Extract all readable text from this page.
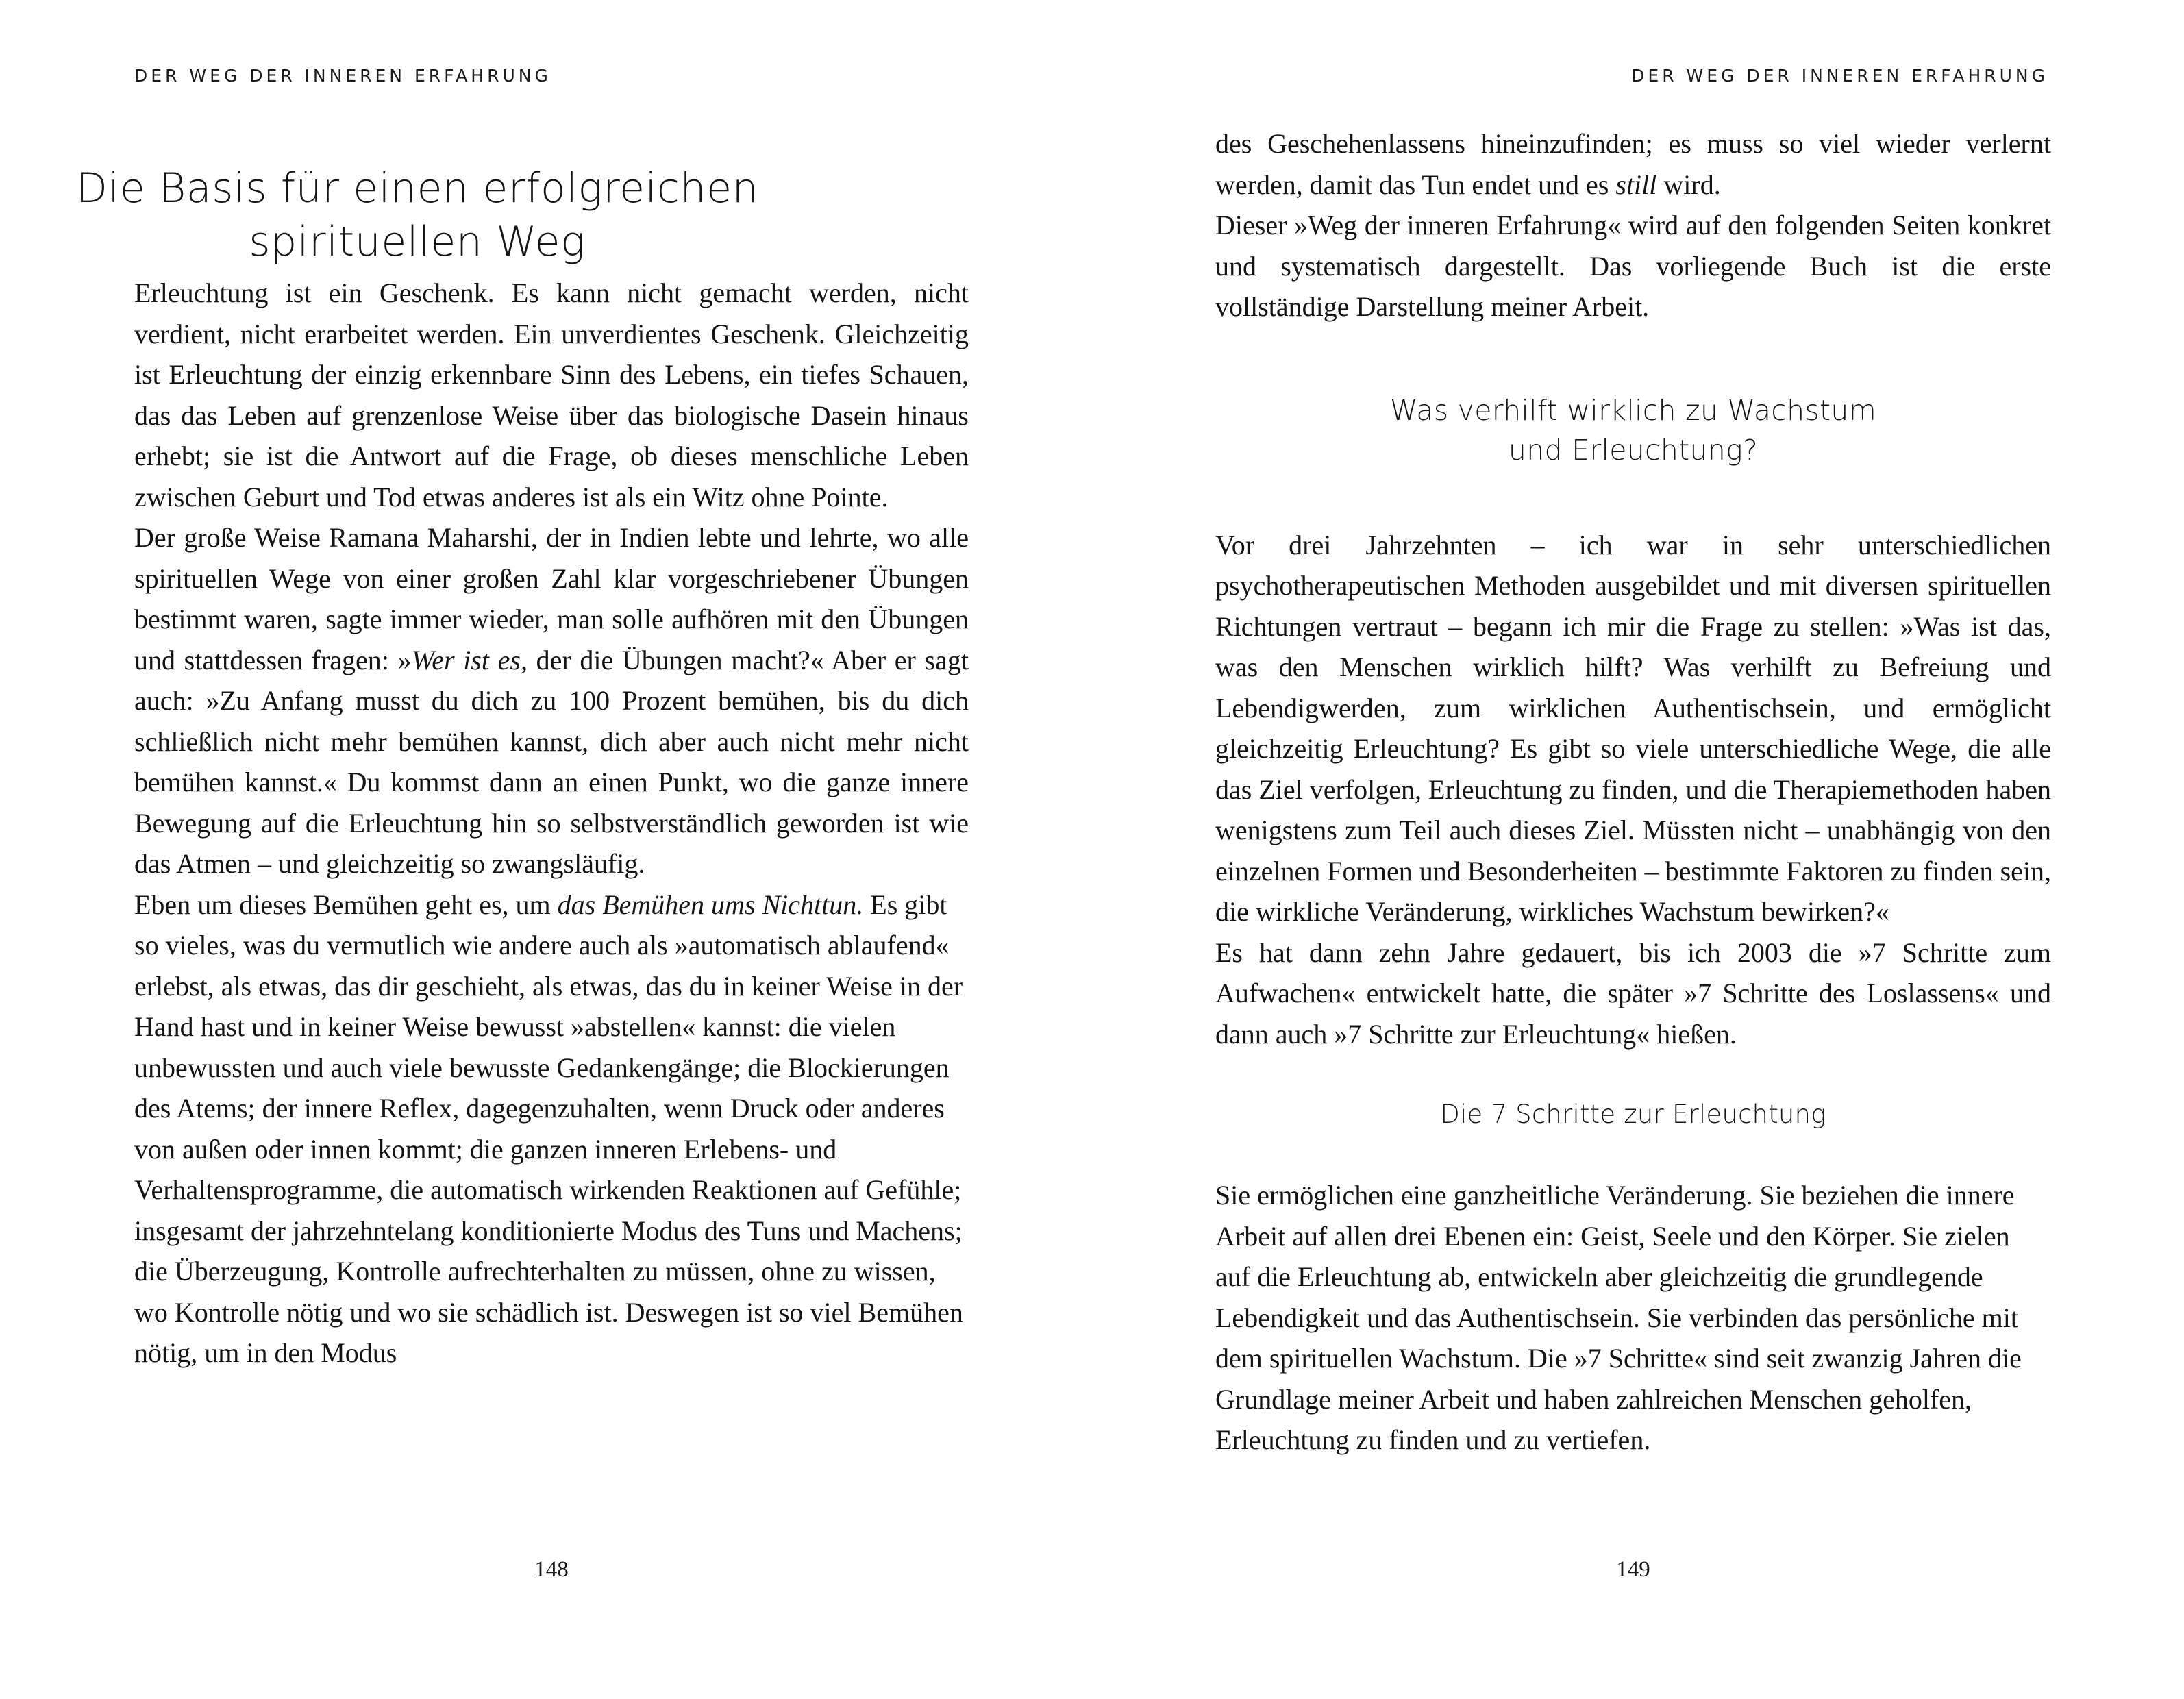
DER WEG DER INNEREN ERFAHRUNG
Die Basis für einen erfolgreichen
spirituellen Weg

Erleuchtung ist ein Geschenk. Es kann nicht gemacht werden, nicht verdient, nicht erarbeitet werden. Ein unverdientes Geschenk. Gleichzeitig ist Erleuchtung der einzig erkennbare Sinn des Lebens, ein tiefes Schauen, das das Leben auf grenzenlose Weise über das biologische Dasein hinaus erhebt; sie ist die Antwort auf die Frage, ob dieses menschliche Leben zwischen Geburt und Tod etwas anderes ist als ein Witz ohne Pointe.

Der große Weise Ramana Maharshi, der in Indien lebte und lehrte, wo alle spirituellen Wege von einer großen Zahl klar vorgeschriebener Übungen bestimmt waren, sagte immer wieder, man solle aufhören mit den Übungen und stattdessen fragen: »Wer ist es, der die Übungen macht?« Aber er sagt auch: »Zu Anfang musst du dich zu 100 Prozent bemühen, bis du dich schließlich nicht mehr bemühen kannst, dich aber auch nicht mehr nicht bemühen kannst.« Du kommst dann an einen Punkt, wo die ganze innere Bewegung auf die Erleuchtung hin so selbstverständlich geworden ist wie das Atmen – und gleichzeitig so zwangsläufig.

Eben um dieses Bemühen geht es, um das Bemühen ums Nichttun. Es gibt so vieles, was du vermutlich wie andere auch als »automatisch ablaufend« erlebst, als etwas, das dir geschieht, als etwas, das du in keiner Weise in der Hand hast und in keiner Weise bewusst »abstellen« kannst: die vielen unbewussten und auch viele bewusste Gedankengänge; die Blockierungen des Atems; der innere Reflex, dagegenzuhalten, wenn Druck oder anderes von außen oder innen kommt; die ganzen inneren Erlebens- und Verhaltensprogramme, die automatisch wirkenden Reaktionen auf Gefühle; insgesamt der jahrzehntelang konditionierte Modus des Tuns und Machens; die Überzeugung, Kontrolle aufrechterhalten zu müssen, ohne zu wissen, wo Kontrolle nötig und wo sie schädlich ist. Deswegen ist so viel Bemühen nötig, um in den Modus

148
DER WEG DER INNEREN ERFAHRUNG

des Geschehenlassens hineinzufinden; es muss so viel wieder verlernt werden, damit das Tun endet und es still wird.

Dieser »Weg der inneren Erfahrung« wird auf den folgenden Seiten konkret und systematisch dargestellt. Das vorliegende Buch ist die erste vollständige Darstellung meiner Arbeit.

Was verhilft wirklich zu Wachstum
und Erleuchtung?

Vor drei Jahrzehnten – ich war in sehr unterschiedlichen psychotherapeutischen Methoden ausgebildet und mit diversen spirituellen Richtungen vertraut – begann ich mir die Frage zu stellen: »Was ist das, was den Menschen wirklich hilft? Was verhilft zu Befreiung und Lebendigwerden, zum wirklichen Authentischsein, und ermöglicht gleichzeitig Erleuchtung? Es gibt so viele unterschiedliche Wege, die alle das Ziel verfolgen, Erleuchtung zu finden, und die Therapiemethoden haben wenigstens zum Teil auch dieses Ziel. Müssten nicht – unabhängig von den einzelnen Formen und Besonderheiten – bestimmte Faktoren zu finden sein, die wirkliche Veränderung, wirkliches Wachstum bewirken?«

Es hat dann zehn Jahre gedauert, bis ich 2003 die »7 Schritte zum Aufwachen« entwickelt hatte, die später »7 Schritte des Loslassens« und dann auch »7 Schritte zur Erleuchtung« hießen.

Die 7 Schritte zur Erleuchtung

Sie ermöglichen eine ganzheitliche Veränderung. Sie beziehen die innere Arbeit auf allen drei Ebenen ein: Geist, Seele und den Körper. Sie zielen auf die Erleuchtung ab, entwickeln aber gleichzeitig die grundlegende Lebendigkeit und das Authentischsein. Sie verbinden das persönliche mit dem spirituellen Wachstum. Die »7 Schritte« sind seit zwanzig Jahren die Grundlage meiner Arbeit und haben zahlreichen Menschen geholfen, Erleuchtung zu finden und zu vertiefen.

149
